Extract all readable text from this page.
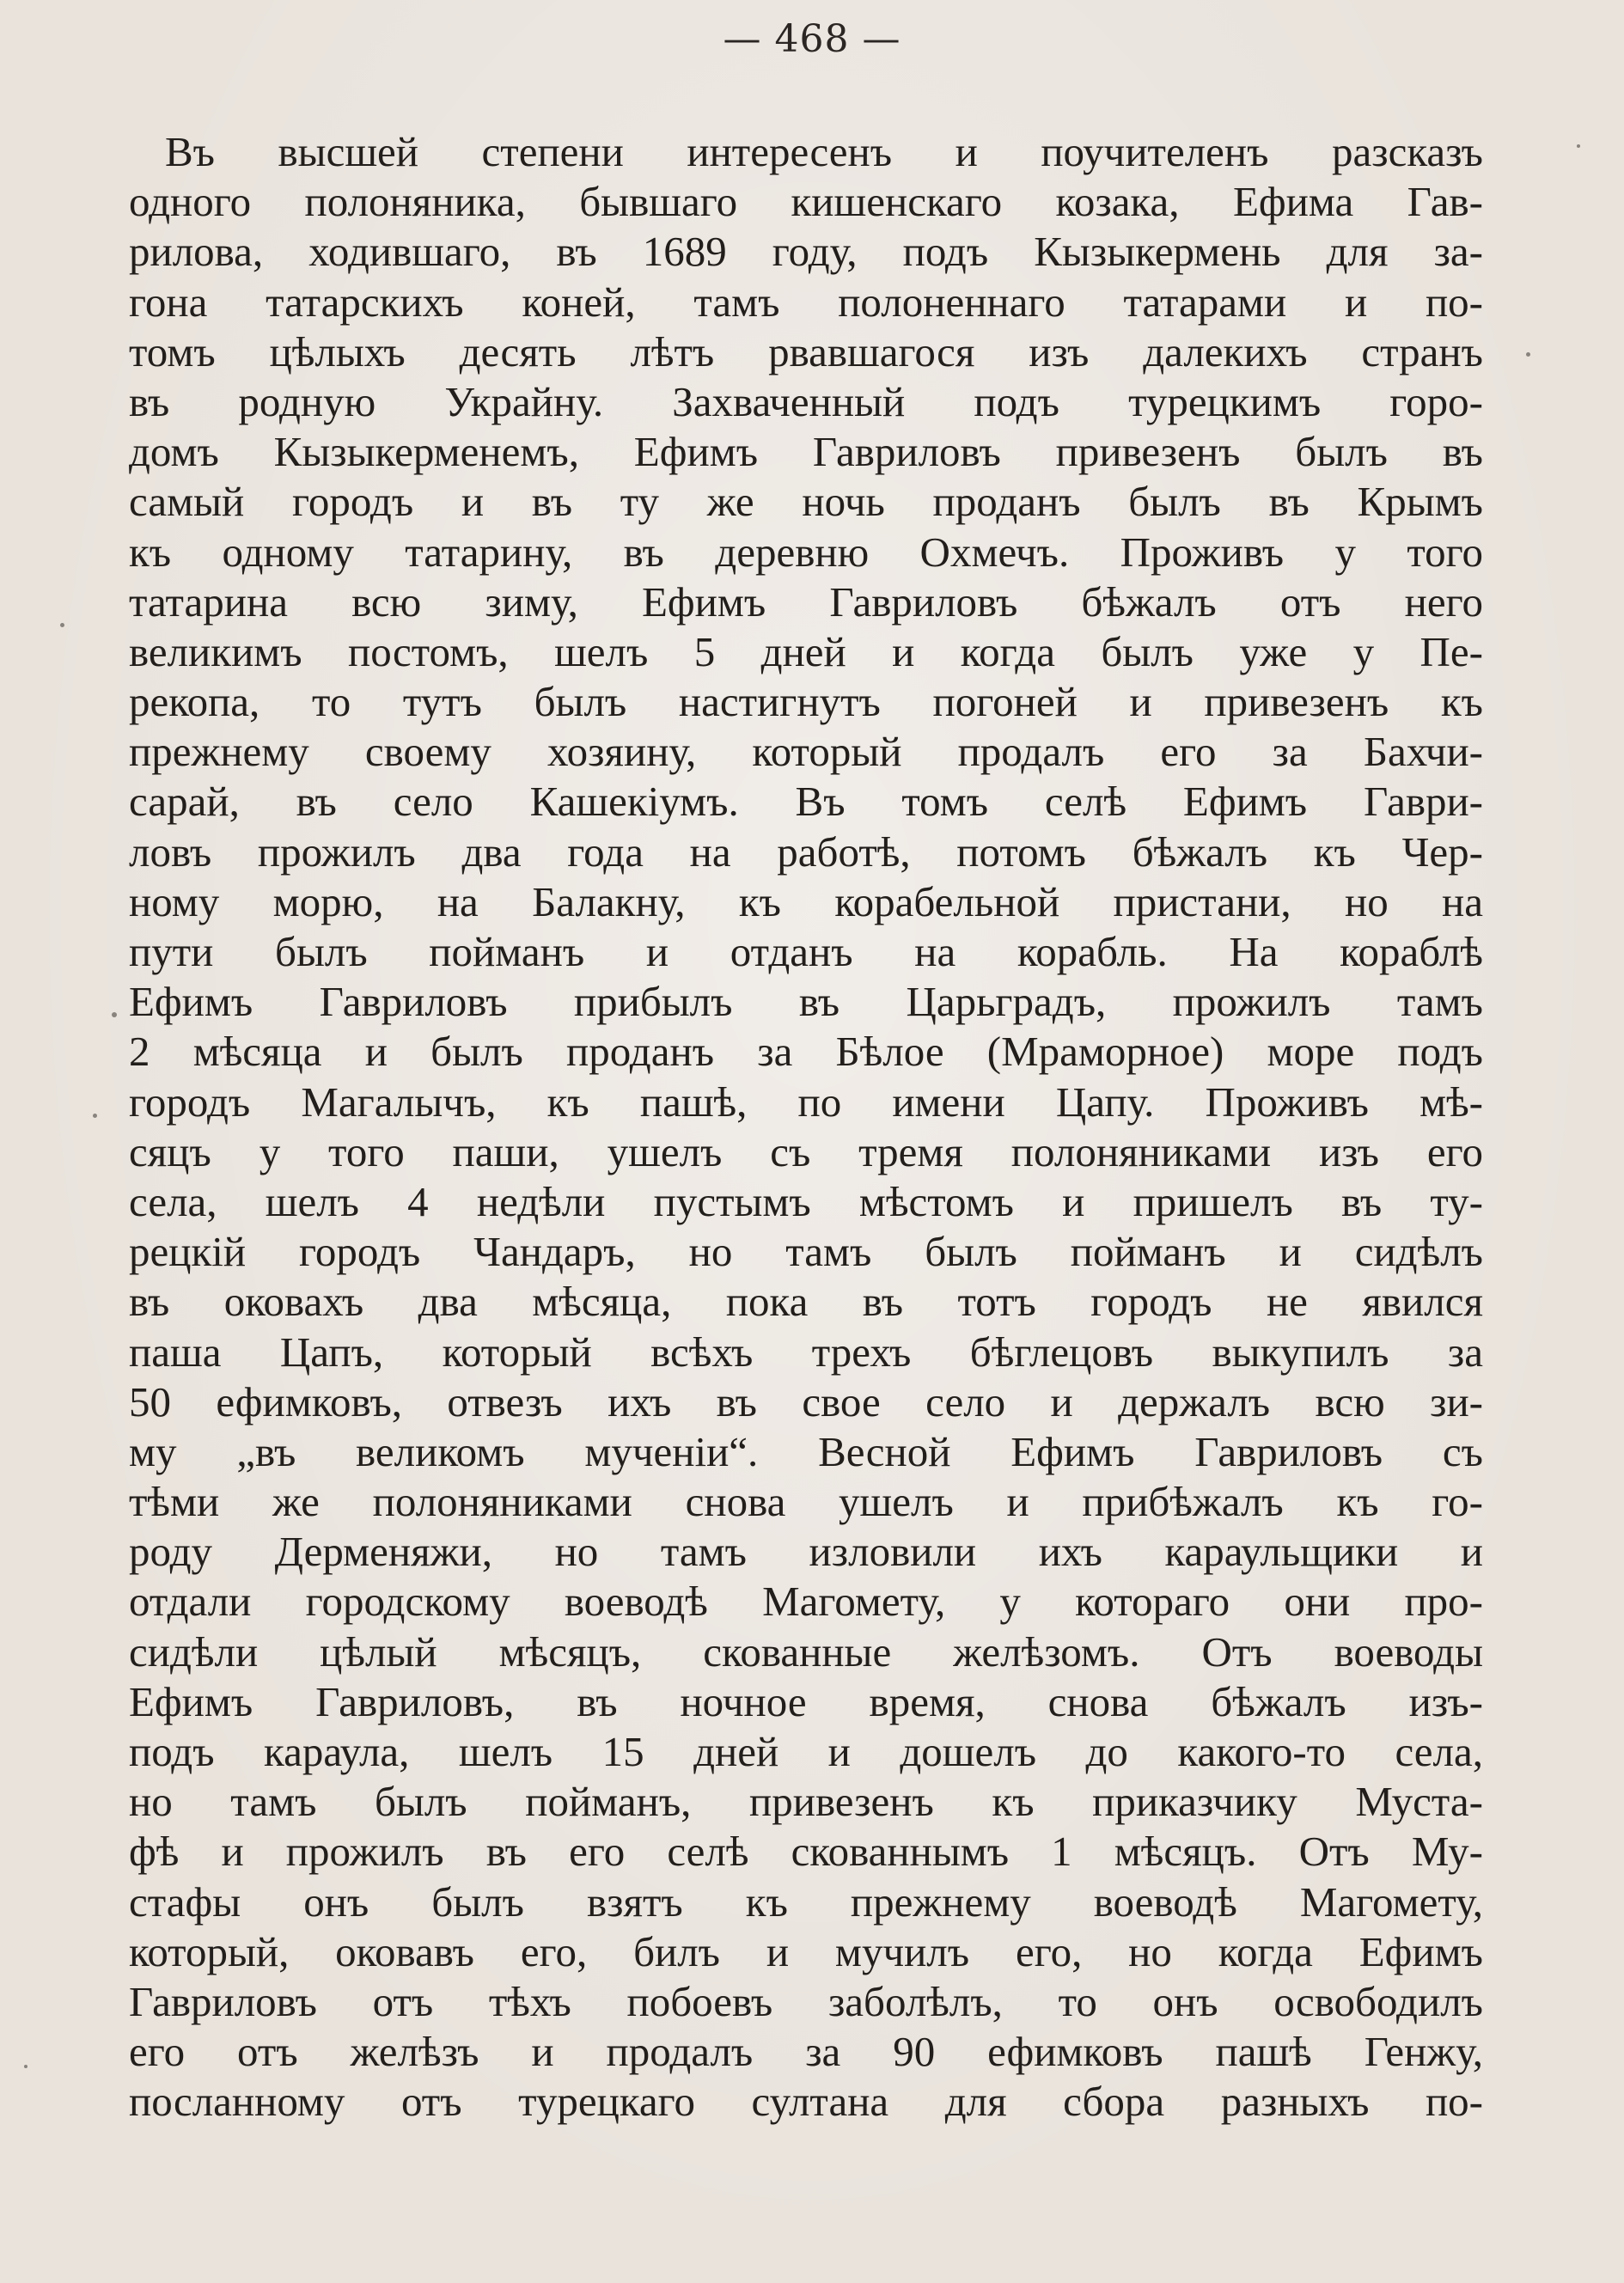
— 468 —
Въ высшей степени интересенъ и поучителенъ разсказъ
одного полоняника, бывшаго кишенскаго козака, Ефима Гав-
рилова, ходившаго, въ 1689 году, подъ Кызыкермень для за-
гона татарскихъ коней, тамъ полоненнаго татарами и по-
томъ цѣлыхъ десять лѣтъ рвавшагося изъ далекихъ странъ
въ родную Украйну. Захваченный подъ турецкимъ горо-
домъ Кызыкерменемъ, Ефимъ Гавриловъ привезенъ былъ въ
самый городъ и въ ту же ночь проданъ былъ въ Крымъ
къ одному татарину, въ деревню Охмечъ. Проживъ у того
татарина всю зиму, Ефимъ Гавриловъ бѣжалъ отъ него
великимъ постомъ, шелъ 5 дней и когда былъ уже у Пе-
рекопа, то тутъ былъ настигнутъ погоней и привезенъ къ
прежнему своему хозяину, который продалъ его за Бахчи-
сарай, въ село Кашекіумъ. Въ томъ селѣ Ефимъ Гаври-
ловъ прожилъ два года на работѣ, потомъ бѣжалъ къ Чер-
ному морю, на Балакну, къ корабельной пристани, но на
пути былъ пойманъ и отданъ на корабль. На кораблѣ
Ефимъ Гавриловъ прибылъ въ Царьградъ, прожилъ тамъ
2 мѣсяца и былъ проданъ за Бѣлое (Мраморное) море подъ
городъ Магалычъ, къ пашѣ, по имени Цапу. Проживъ мѣ-
сяцъ у того паши, ушелъ съ тремя полоняниками изъ его
села, шелъ 4 недѣли пустымъ мѣстомъ и пришелъ въ ту-
рецкій городъ Чандаръ, но тамъ былъ пойманъ и сидѣлъ
въ оковахъ два мѣсяца, пока въ тотъ городъ не явился
паша Цапъ, который всѣхъ трехъ бѣглецовъ выкупилъ за
50 ефимковъ, отвезъ ихъ въ свое село и держалъ всю зи-
му „въ великомъ мученіи“. Весной Ефимъ Гавриловъ съ
тѣми же полоняниками снова ушелъ и прибѣжалъ къ го-
роду Дерменяжи, но тамъ изловили ихъ караульщики и
отдали городскому воеводѣ Магомету, у котораго они про-
сидѣли цѣлый мѣсяцъ, скованные желѣзомъ. Отъ воеводы
Ефимъ Гавриловъ, въ ночное время, снова бѣжалъ изъ-
подъ караула, шелъ 15 дней и дошелъ до какого-то села,
но тамъ былъ пойманъ, привезенъ къ приказчику Муста-
фѣ и прожилъ въ его селѣ скованнымъ 1 мѣсяцъ. Отъ Му-
стафы онъ былъ взятъ къ прежнему воеводѣ Магомету,
который, оковавъ его, билъ и мучилъ его, но когда Ефимъ
Гавриловъ отъ тѣхъ побоевъ заболѣлъ, то онъ освободилъ
его отъ желѣзъ и продалъ за 90 ефимковъ пашѣ Генжу,
посланному отъ турецкаго султана для сбора разныхъ по-
